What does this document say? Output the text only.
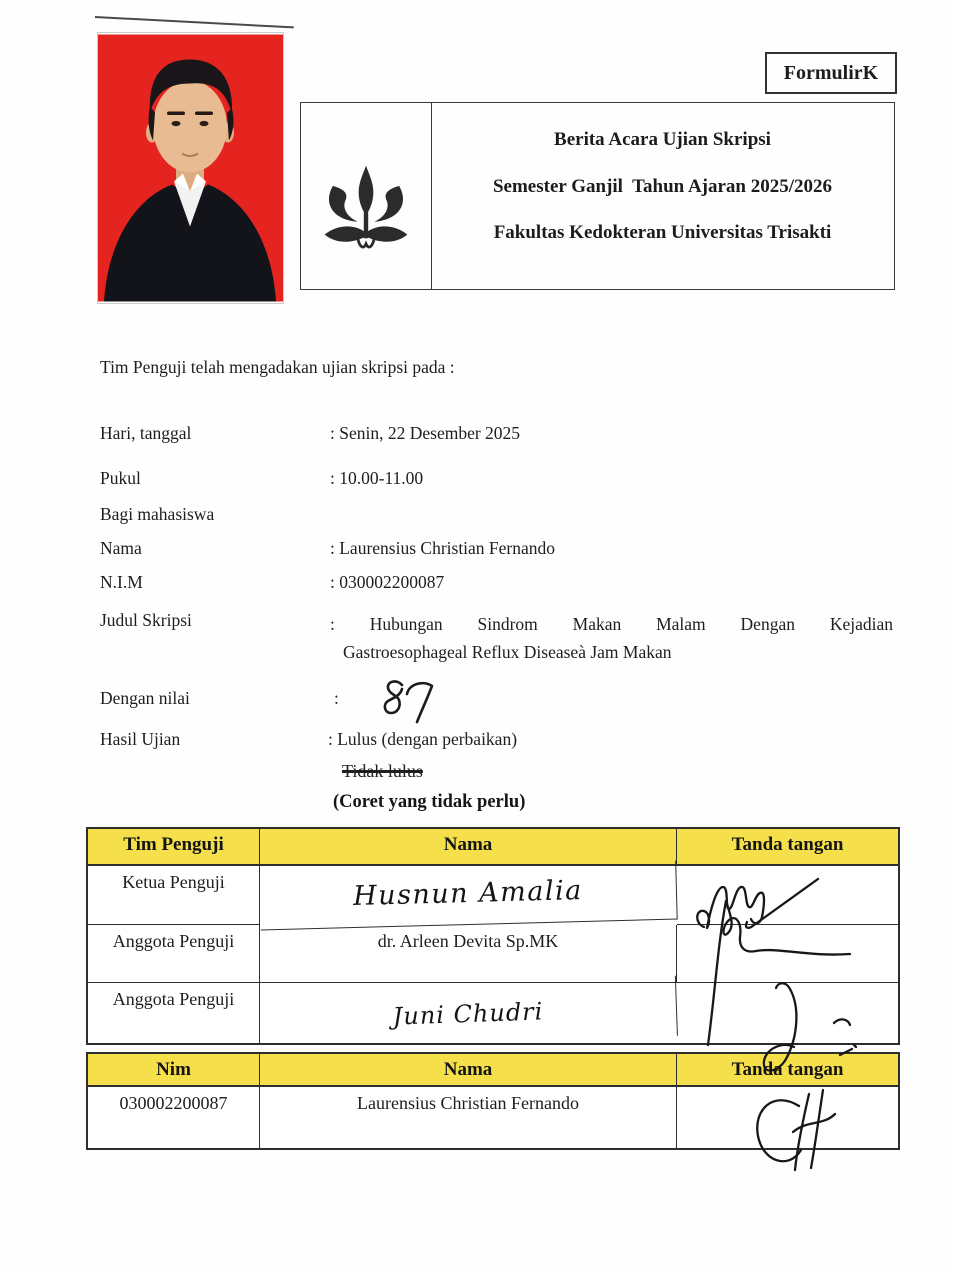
FormulirK
Berita Acara Ujian Skripsi
Semester Ganjil  Tahun Ajaran 2025/2026
Fakultas Kedokteran Universitas Trisakti
Tim Penguji telah mengadakan ujian skripsi pada :
Hari, tanggal	: Senin, 22 Desember 2025
Pukul	: 10.00-11.00
Bagi mahasiswa
Nama	: Laurensius Christian Fernando
N.I.M	: 030002200087
Judul Skripsi	: Hubungan Sindrom Makan Malam Dengan Kejadian
Gastroesophageal Reflux Diseaseà Jam Makan
Dengan nilai	:
Hasil Ujian	: Lulus (dengan perbaikan)
Tidak lulus
(Coret yang tidak perlu)
Tim Penguji	Nama	Tanda tangan
Ketua Penguji	Husnun Amalia
Anggota Penguji	dr. Arleen Devita Sp.MK
Anggota Penguji	Juni Chudri
Nim	Nama	Tanda tangan
030002200087	Laurensius Christian Fernando
